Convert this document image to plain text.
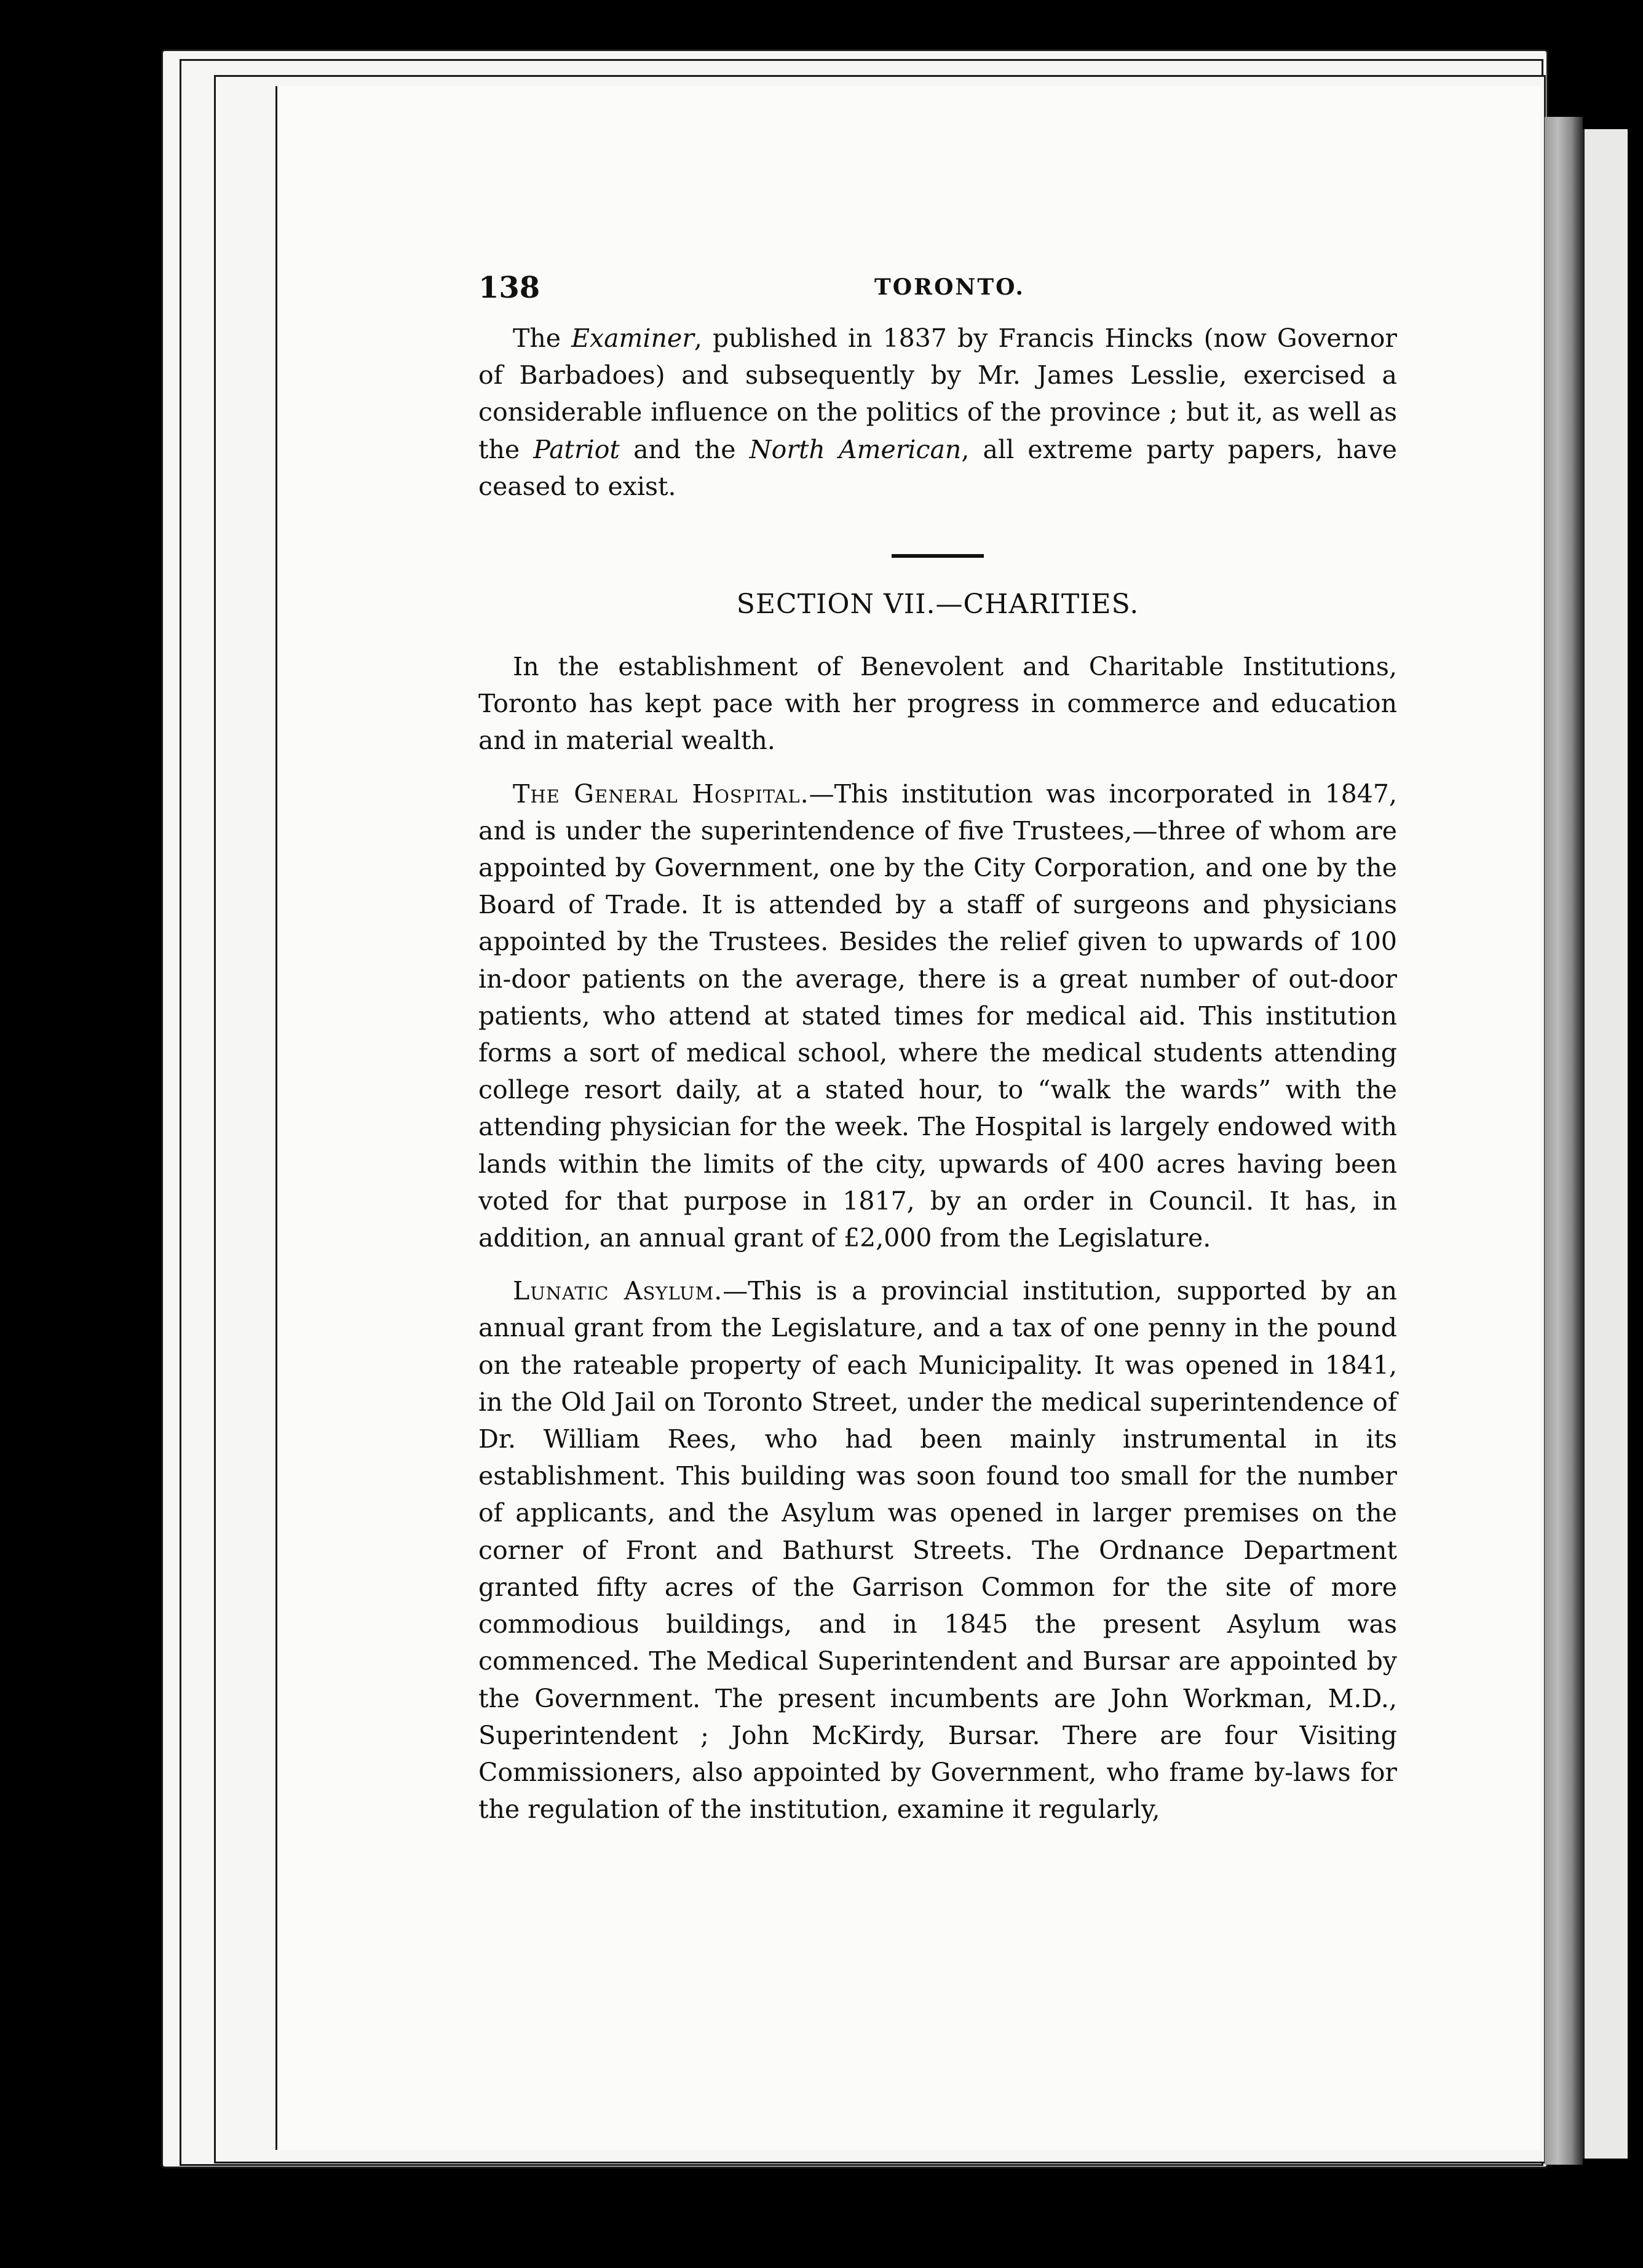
138	TORONTO.

The Examiner, published in 1837 by Francis Hincks (now Governor of Barbadoes) and subsequently by Mr. James Lesslie, exercised a considerable influence on the politics of the province ; but it, as well as the Patriot and the North American, all extreme party papers, have ceased to exist.

SECTION VII.—CHARITIES.

In the establishment of Benevolent and Charitable Institutions, Toronto has kept pace with her progress in commerce and education and in material wealth.

The General Hospital.—This institution was incorporated in 1847, and is under the superintendence of five Trustees,—three of whom are appointed by Government, one by the City Corporation, and one by the Board of Trade. It is attended by a staff of surgeons and physicians appointed by the Trustees. Besides the relief given to upwards of 100 in-door patients on the average, there is a great number of out-door patients, who attend at stated times for medical aid. This institution forms a sort of medical school, where the medical students attending college resort daily, at a stated hour, to “walk the wards” with the attending physician for the week. The Hospital is largely endowed with lands within the limits of the city, upwards of 400 acres having been voted for that purpose in 1817, by an order in Council. It has, in addition, an annual grant of £2,000 from the Legislature.

Lunatic Asylum.—This is a provincial institution, supported by an annual grant from the Legislature, and a tax of one penny in the pound on the rateable property of each Municipality. It was opened in 1841, in the Old Jail on Toronto Street, under the medical superintendence of Dr. William Rees, who had been mainly instrumental in its establishment. This building was soon found too small for the number of applicants, and the Asylum was opened in larger premises on the corner of Front and Bathurst Streets. The Ordnance Department granted fifty acres of the Garrison Common for the site of more commodious buildings, and in 1845 the present Asylum was commenced. The Medical Superintendent and Bursar are appointed by the Government. The present incumbents are John Workman, M.D., Superintendent ; John McKirdy, Bursar. There are four Visiting Commissioners, also appointed by Government, who frame by-laws for the regulation of the institution, examine it regularly,
